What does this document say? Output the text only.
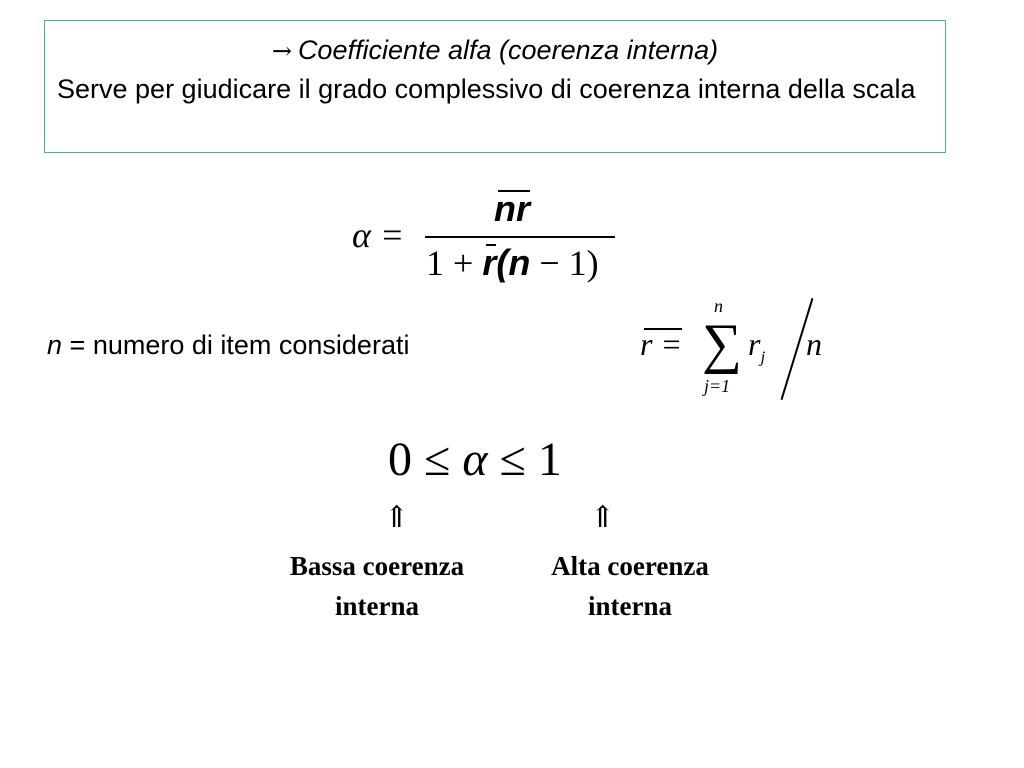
→ Coefficiente alfa (coerenza interna)
Serve per giudicare il grado complessivo di coerenza interna della scala
α =
nr
1 + r(n − 1)
n = numero di item considerati	r =
n
∑
j=1
$r_j$ n
0 ≤ α ≤ 1
⇑	⇑
Bassa coerenza
interna
Alta coerenza
interna
